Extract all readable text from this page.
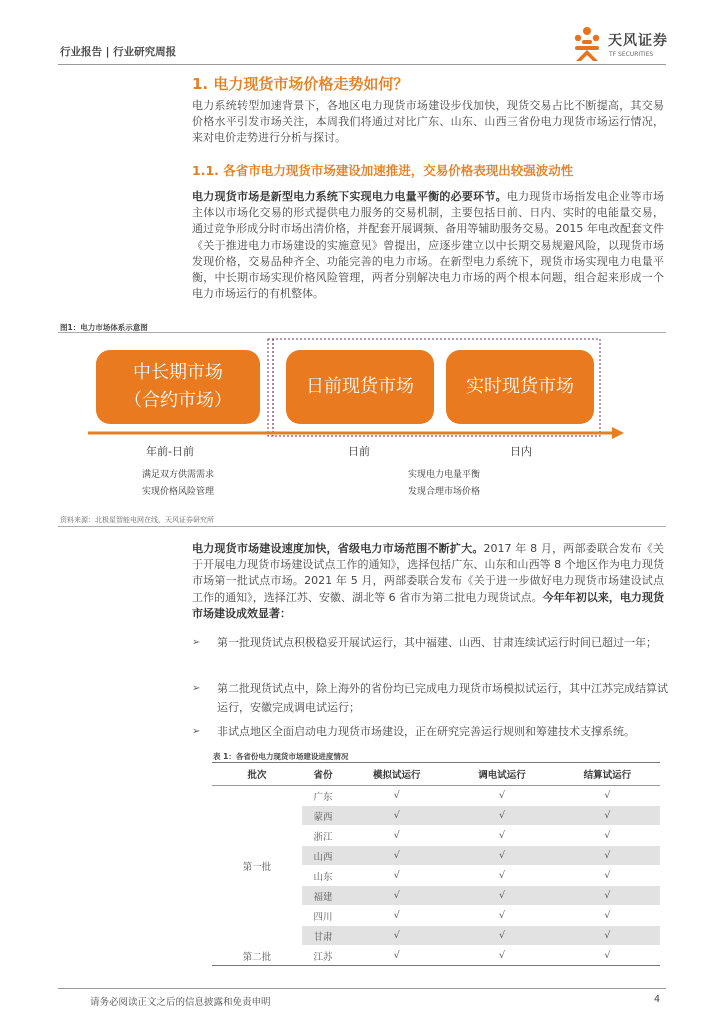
行业报告 | 行业研究周报
天风证券
TF SECURITIES
1. 电力现货市场价格走势如何？

电力系统转型加速背景下，各地区电力现货市场建设步伐加快，现货交易占比不断提高，其交易价格水平引发市场关注，本周我们将通过对比广东、山东、山西三省份电力现货市场运行情况，来对电价走势进行分析与探讨。

1.1. 各省市电力现货市场建设加速推进，交易价格表现出较强波动性

电力现货市场是新型电力系统下实现电力电量平衡的必要环节。电力现货市场指发电企业等市场主体以市场化交易的形式提供电力服务的交易机制，主要包括日前、日内、实时的电能量交易，通过竞争形成分时市场出清价格，并配套开展调频、备用等辅助服务交易。2015 年电改配套文件《关于推进电力市场建设的实施意见》曾提出，应逐步建立以中长期交易规避风险，以现货市场发现价格，交易品种齐全、功能完善的电力市场。在新型电力系统下，现货市场实现电力电量平衡，中长期市场实现价格风险管理，两者分别解决电力市场的两个根本问题，组合起来形成一个电力市场运行的有机整体。

图1：电力市场体系示意图
中长期市场
（合约市场）
日前现货市场	实时现货市场
年前-日前	日前	日内
满足双方供需需求
实现价格风险管理
实现电力电量平衡
发现合理市场价格
资料来源：北极星智能电网在线，天风证券研究所

电力现货市场建设速度加快，省级电力市场范围不断扩大。2017 年 8 月，两部委联合发布《关于开展电力现货市场建设试点工作的通知》，选择包括广东、山东和山西等 8 个地区作为电力现货市场第一批试点市场。2021 年 5 月，两部委联合发布《关于进一步做好电力现货市场建设试点工作的通知》，选择江苏、安徽、湖北等 6 省市为第二批电力现货试点。今年年初以来，电力现货市场建设成效显著：

➢ 第一批现货试点积极稳妥开展试运行，其中福建、山西、甘肃连续试运行时间已超过一年；
➢ 第二批现货试点中，除上海外的省份均已完成电力现货市场模拟试运行，其中江苏完成结算试运行，安徽完成调电试运行；
➢ 非试点地区全面启动电力现货市场建设，正在研究完善运行规则和筹建技术支撑系统。
表 1：各省份电力现货市场建设进度情况
批次	省份	模拟试运行	调电试运行	结算试运行
第一批	广东	√	√	√
	蒙西	√	√	√
	浙江	√	√	√
	山西	√	√	√
	山东	√	√	√
	福建	√	√	√
	四川	√	√	√
	甘肃	√	√	√
第二批	江苏	√	√	√
请务必阅读正文之后的信息披露和免责申明	4
